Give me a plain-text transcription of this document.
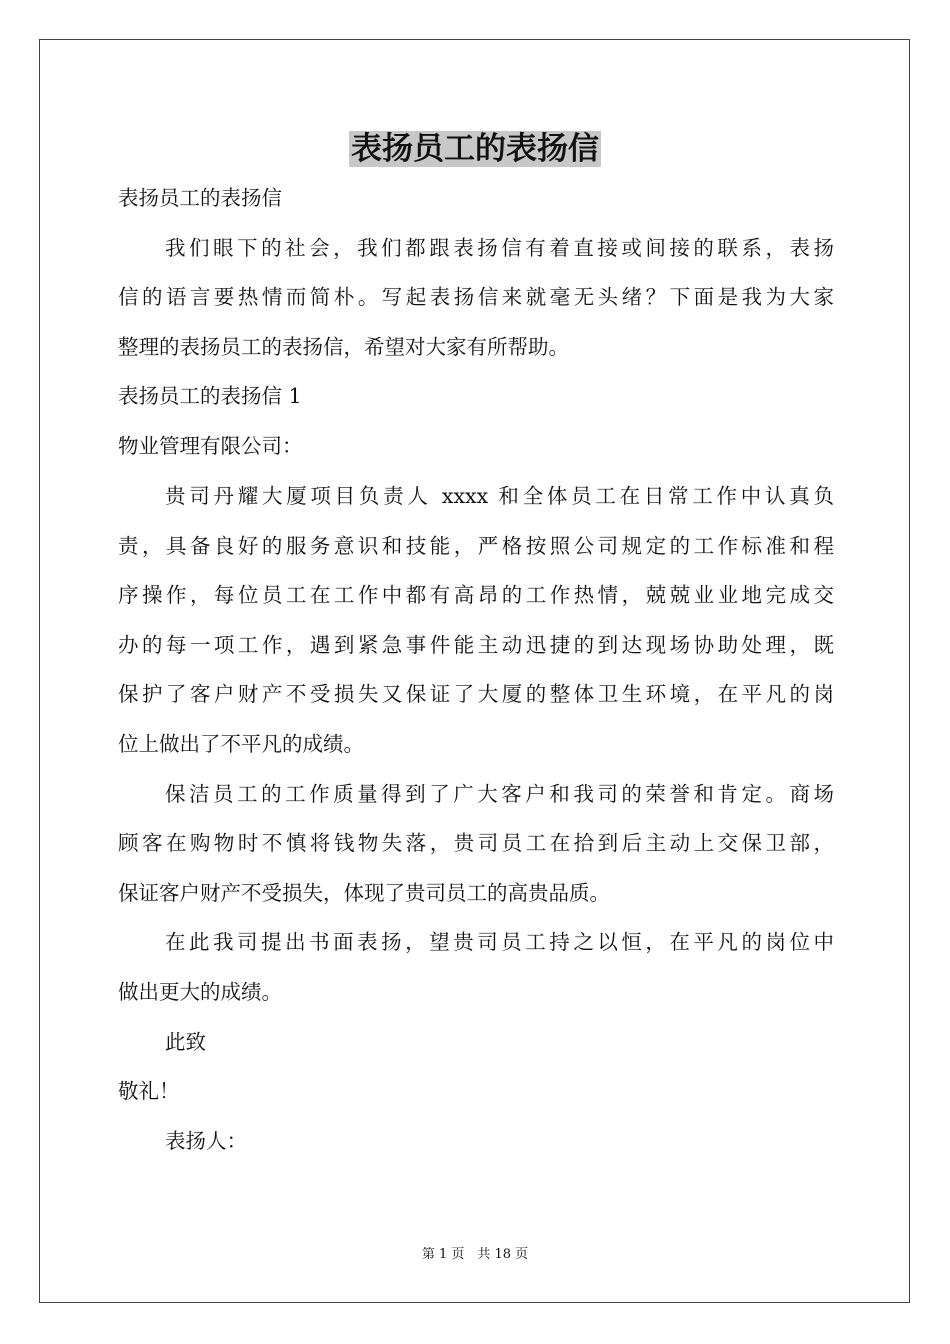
表扬员工的表扬信
表扬员工的表扬信
我们眼下的社会，我们都跟表扬信有着直接或间接的联系，表扬
信的语言要热情而简朴。写起表扬信来就毫无头绪？下面是我为大家
整理的表扬员工的表扬信，希望对大家有所帮助。
表扬员工的表扬信 1
物业管理有限公司：
贵司丹耀大厦项目负责人 xxxx 和全体员工在日常工作中认真负
责，具备良好的服务意识和技能，严格按照公司规定的工作标准和程
序操作，每位员工在工作中都有高昂的工作热情，兢兢业业地完成交
办的每一项工作，遇到紧急事件能主动迅捷的到达现场协助处理，既
保护了客户财产不受损失又保证了大厦的整体卫生环境，在平凡的岗
位上做出了不平凡的成绩。
保洁员工的工作质量得到了广大客户和我司的荣誉和肯定。商场
顾客在购物时不慎将钱物失落，贵司员工在拾到后主动上交保卫部，
保证客户财产不受损失，体现了贵司员工的高贵品质。
在此我司提出书面表扬，望贵司员工持之以恒，在平凡的岗位中
做出更大的成绩。
此致
敬礼！
表扬人：
第 1 页　共 18 页
